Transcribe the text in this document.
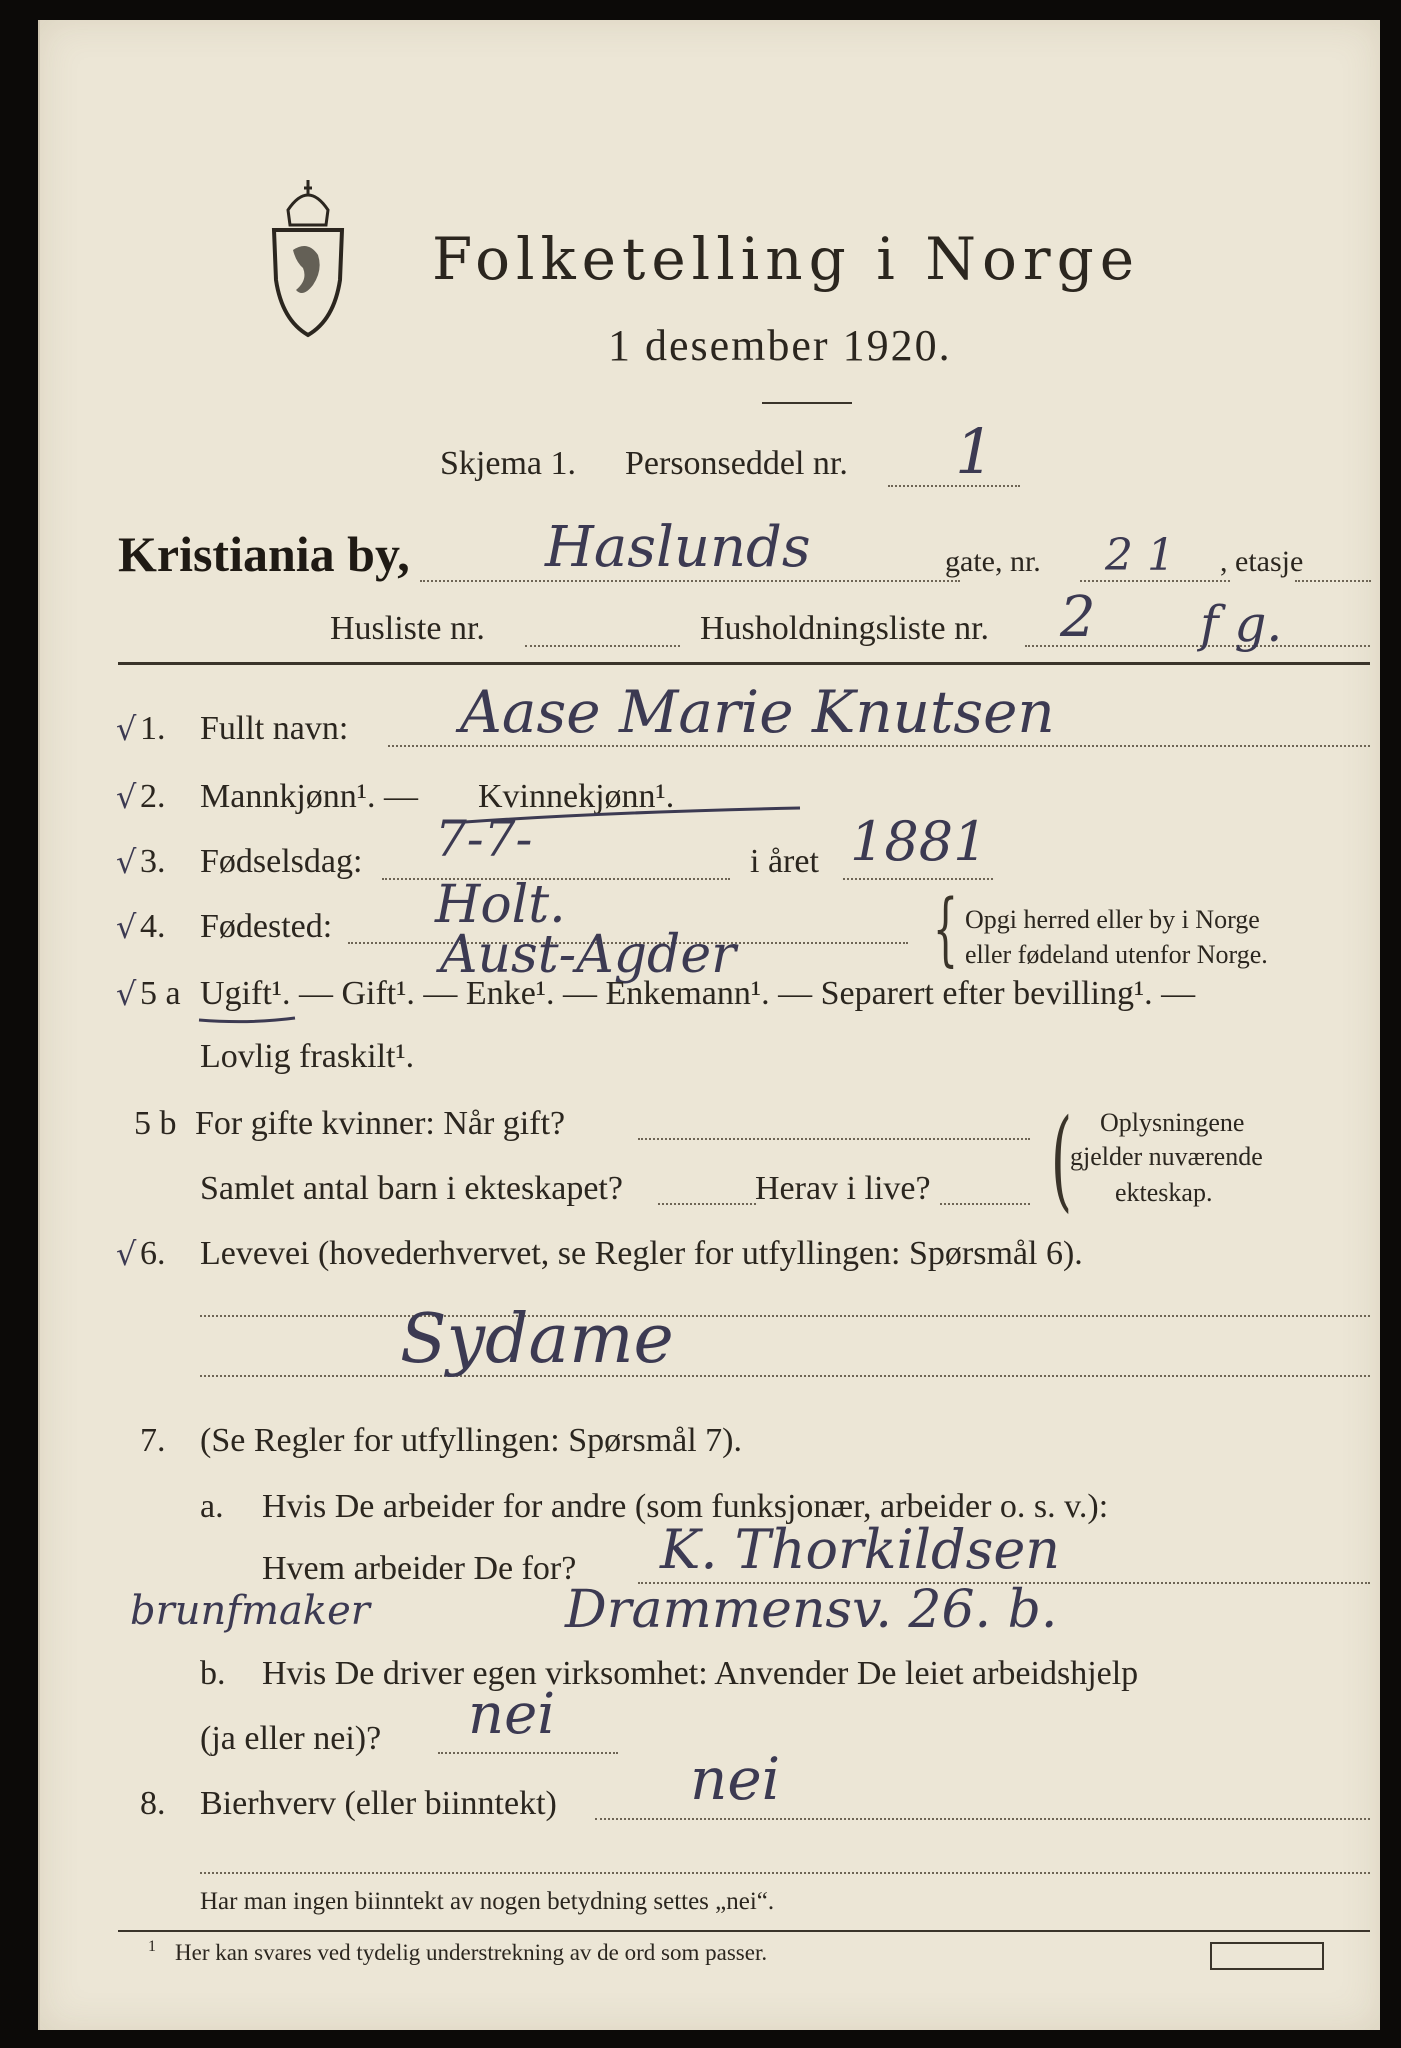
Folketelling i Norge
1 desember 1920.
Skjema 1. Personseddel nr. 1
Kristiania by, Haslunds	gate, nr. 2 1 , etasje
Husliste nr.	Husholdningsliste nr. 2 f g.
√ 1. Fullt navn: Aase Marie Knutsen
√ 2. Mannkjønn¹. — Kvinnekjønn¹.
√ 3. Fødselsdag: 7-7-	i året 1881
√ 4. Fødested: Holt.
Aust-Agder { Opgi herred eller by i Norge
eller fødeland utenfor Norge.
√ 5 a Ugift¹. — Gift¹. — Enke¹. — Enkemann¹. — Separert efter bevilling¹. —
Lovlig fraskilt¹.
5 b For gifte kvinner: Når gift?
Samlet antal barn i ekteskapet?	Herav i live? ( Oplysningene
gjelder nuværende
ekteskap.
√ 6. Levevei (hovederhvervet, se Regler for utfyllingen: Spørsmål 6).
Sydame
7. (Se Regler for utfyllingen: Spørsmål 7).
a. Hvis De arbeider for andre (som funksjonær, arbeider o. s. v.):
Hvem arbeider De for? K. Thorkildsen
brunfmaker	Drammensv. 26. b.
b. Hvis De driver egen virksomhet: Anvender De leiet arbeidshjelp
(ja eller nei)? nei
8. Bierhverv (eller biinntekt) nei
Har man ingen biinntekt av nogen betydning settes „nei“.
1 Her kan svares ved tydelig understrekning av de ord som passer.
